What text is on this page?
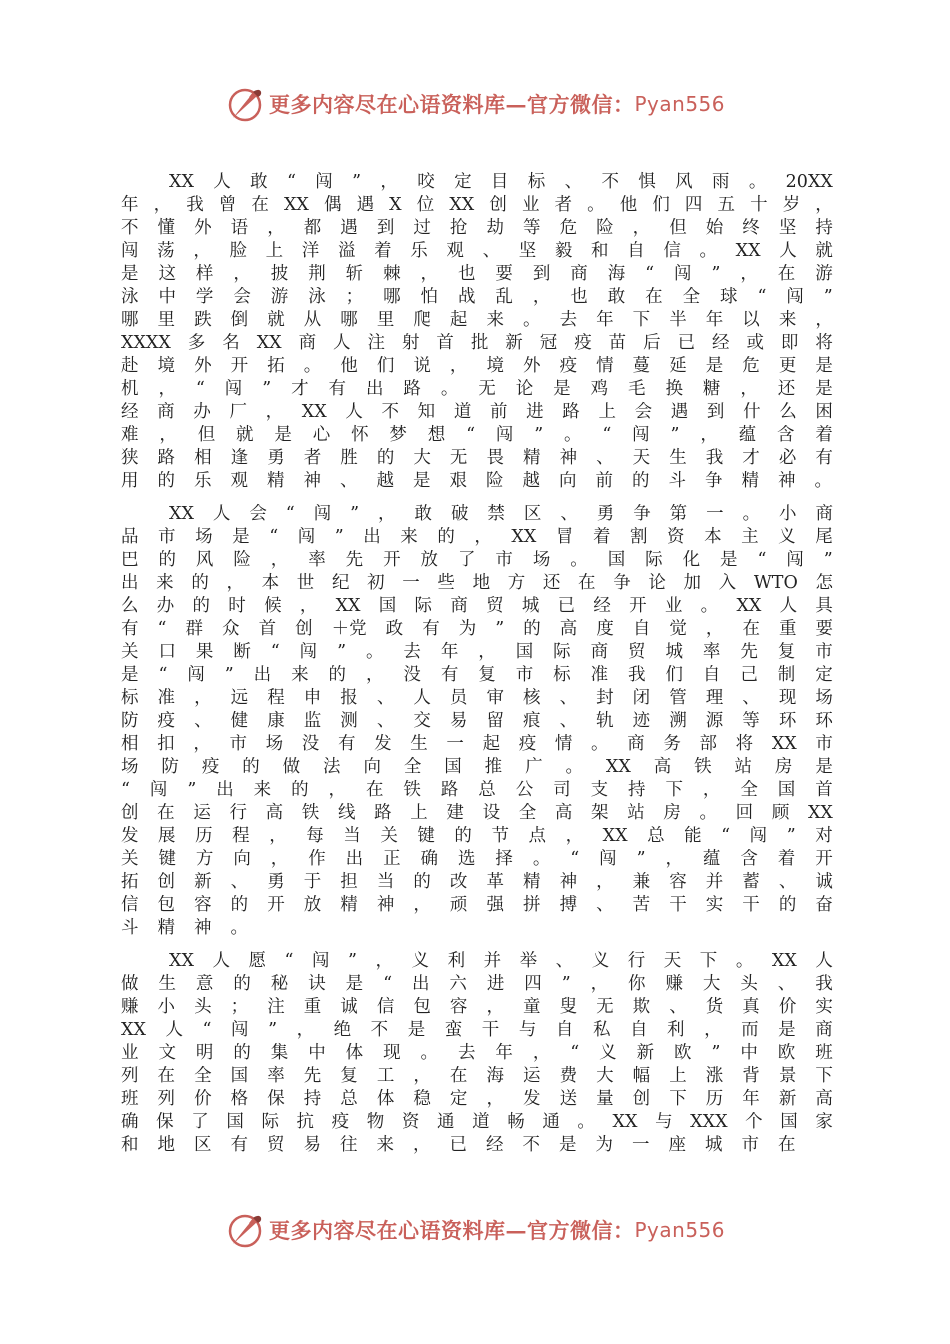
更多内容尽在心语资料库—官方微信： Pyan556
XX 人 敢 “ 闯 ” ， 咬 定 目 标 、 不 惧 风 雨 。 20XX
年 ， 我 曾 在 XX 偶 遇 X 位 XX 创 业 者 。 他 们 四 五 十 岁 ，
不 懂 外 语 ， 都 遇 到 过 抢 劫 等 危 险 ， 但 始 终 坚 持
闯 荡 ， 脸 上 洋 溢 着 乐 观 、 坚 毅 和 自 信 。 XX 人 就
是 这 样 ， 披 荆 斩 棘 ， 也 要 到 商 海 “ 闯 ” ， 在 游
泳 中 学 会 游 泳 ； 哪 怕 战 乱 ， 也 敢 在 全 球 “ 闯 ”
哪 里 跌 倒 就 从 哪 里 爬 起 来 。 去 年 下 半 年 以 来 ，
XXXX 多 名 XX 商 人 注 射 首 批 新 冠 疫 苗 后 已 经 或 即 将
赴 境 外 开 拓 。 他 们 说 ， 境 外 疫 情 蔓 延 是 危 更 是
机 ， “ 闯 ” 才 有 出 路 。 无 论 是 鸡 毛 换 糖 ， 还 是
经 商 办 厂 ， XX 人 不 知 道 前 进 路 上 会 遇 到 什 么 困
难 ， 但 就 是 心 怀 梦 想 “ 闯 ” 。 “ 闯 ” ， 蕴 含 着
狭 路 相 逢 勇 者 胜 的 大 无 畏 精 神 、 天 生 我 才 必 有
用 的 乐 观 精 神 、 越 是 艰 险 越 向 前 的 斗 争 精 神 。
XX 人 会 “ 闯 ” ， 敢 破 禁 区 、 勇 争 第 一 。 小 商
品 市 场 是 “ 闯 ” 出 来 的 ， XX 冒 着 割 资 本 主 义 尾
巴 的 风 险 ， 率 先 开 放 了 市 场 。 国 际 化 是 “ 闯 ”
出 来 的 ， 本 世 纪 初 一 些 地 方 还 在 争 论 加 入 WTO 怎
么 办 的 时 候 ， XX 国 际 商 贸 城 已 经 开 业 。 XX 人 具
有 “ 群 众 首 创 ＋党 政 有 为 ” 的 高 度 自 觉 ， 在 重 要
关 口 果 断 “ 闯 ” 。 去 年 ， 国 际 商 贸 城 率 先 复 市
是 “ 闯 ” 出 来 的 ， 没 有 复 市 标 准 我 们 自 己 制 定
标 准 ， 远 程 申 报 、 人 员 审 核 、 封 闭 管 理 、 现 场
防 疫 、 健 康 监 测 、 交 易 留 痕 、 轨 迹 溯 源 等 环 环
相 扣 ， 市 场 没 有 发 生 一 起 疫 情 。 商 务 部 将 XX 市
场 防 疫 的 做 法 向 全 国 推 广 。 XX 高 铁 站 房 是
“ 闯 ” 出 来 的 ， 在 铁 路 总 公 司 支 持 下 ， 全 国 首
创 在 运 行 高 铁 线 路 上 建 设 全 高 架 站 房 。 回 顾 XX
发 展 历 程 ， 每 当 关 键 的 节 点 ， XX 总 能 “ 闯 ” 对
关 键 方 向 ， 作 出 正 确 选 择 。 “ 闯 ” ， 蕴 含 着 开
拓 创 新 、 勇 于 担 当 的 改 革 精 神 ， 兼 容 并 蓄 、 诚
信 包 容 的 开 放 精 神 ， 顽 强 拼 搏 、 苦 干 实 干 的 奋
斗 精 神 。
XX 人 愿 “ 闯 ” ， 义 利 并 举 、 义 行 天 下 。 XX 人
做 生 意 的 秘 诀 是 “ 出 六 进 四 ” ， 你 赚 大 头 、 我
赚 小 头 ； 注 重 诚 信 包 容 ， 童 叟 无 欺 、 货 真 价 实
XX 人 “ 闯 ” ， 绝 不 是 蛮 干 与 自 私 自 利 ， 而 是 商
业 文 明 的 集 中 体 现 。 去 年 ， “ 义 新 欧 ” 中 欧 班
列 在 全 国 率 先 复 工 ， 在 海 运 费 大 幅 上 涨 背 景 下
班 列 价 格 保 持 总 体 稳 定 ， 发 送 量 创 下 历 年 新 高
确 保 了 国 际 抗 疫 物 资 通 道 畅 通 。 XX 与 XXX 个 国 家
和 地 区 有 贸 易 往 来 ， 已 经 不 是 为 一 座 城 市 在
更多内容尽在心语资料库—官方微信： Pyan556
